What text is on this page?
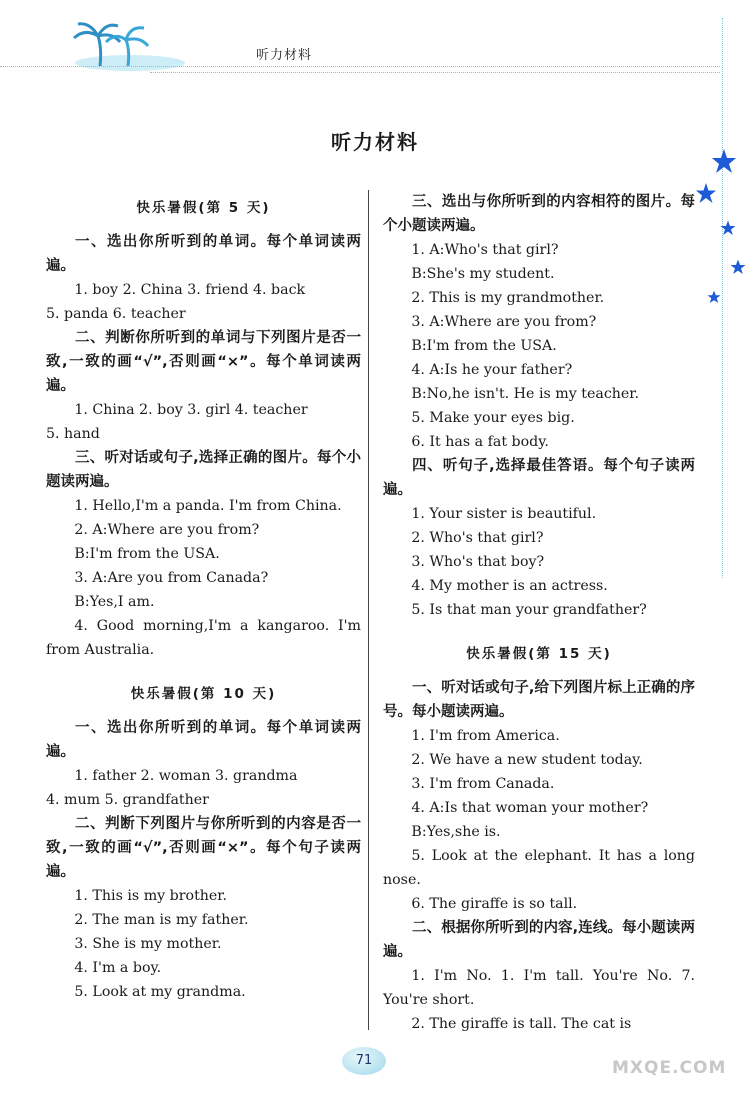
听力材料
听力材料
快乐暑假(第 5 天)
一、选出你所听到的单词。每个单词读两遍。
1. boy 2. China 3. friend 4. back
5. panda 6. teacher
二、判断你所听到的单词与下列图片是否一致,一致的画“√”,否则画“×”。每个单词读两遍。
1. China 2. boy 3. girl 4. teacher
5. hand
三、听对话或句子,选择正确的图片。每个小题读两遍。
1. Hello,I'm a panda. I'm from China.
2. A:Where are you from?
B:I'm from the USA.
3. A:Are you from Canada?
B:Yes,I am.
4. Good morning,I'm a kangaroo. I'm from Australia.
快乐暑假(第 10 天)
一、选出你所听到的单词。每个单词读两遍。
1. father 2. woman 3. grandma
4. mum 5. grandfather
二、判断下列图片与你所听到的内容是否一致,一致的画“√”,否则画“×”。每个句子读两遍。
1. This is my brother.
2. The man is my father.
3. She is my mother.
4. I'm a boy.
5. Look at my grandma.
三、选出与你所听到的内容相符的图片。每个小题读两遍。
1. A:Who's that girl?
B:She's my student.
2. This is my grandmother.
3. A:Where are you from?
B:I'm from the USA.
4. A:Is he your father?
B:No,he isn't. He is my teacher.
5. Make your eyes big.
6. It has a fat body.
四、听句子,选择最佳答语。每个句子读两遍。
1. Your sister is beautiful.
2. Who's that girl?
3. Who's that boy?
4. My mother is an actress.
5. Is that man your grandfather?
快乐暑假(第 15 天)
一、听对话或句子,给下列图片标上正确的序号。每小题读两遍。
1. I'm from America.
2. We have a new student today.
3. I'm from Canada.
4. A:Is that woman your mother?
B:Yes,she is.
5. Look at the elephant. It has a long nose.
6. The giraffe is so tall.
二、根据你所听到的内容,连线。每小题读两遍。
1. I'm No. 1. I'm tall. You're No. 7. You're short.
2. The giraffe is tall. The cat is
71	MXQE.COM
